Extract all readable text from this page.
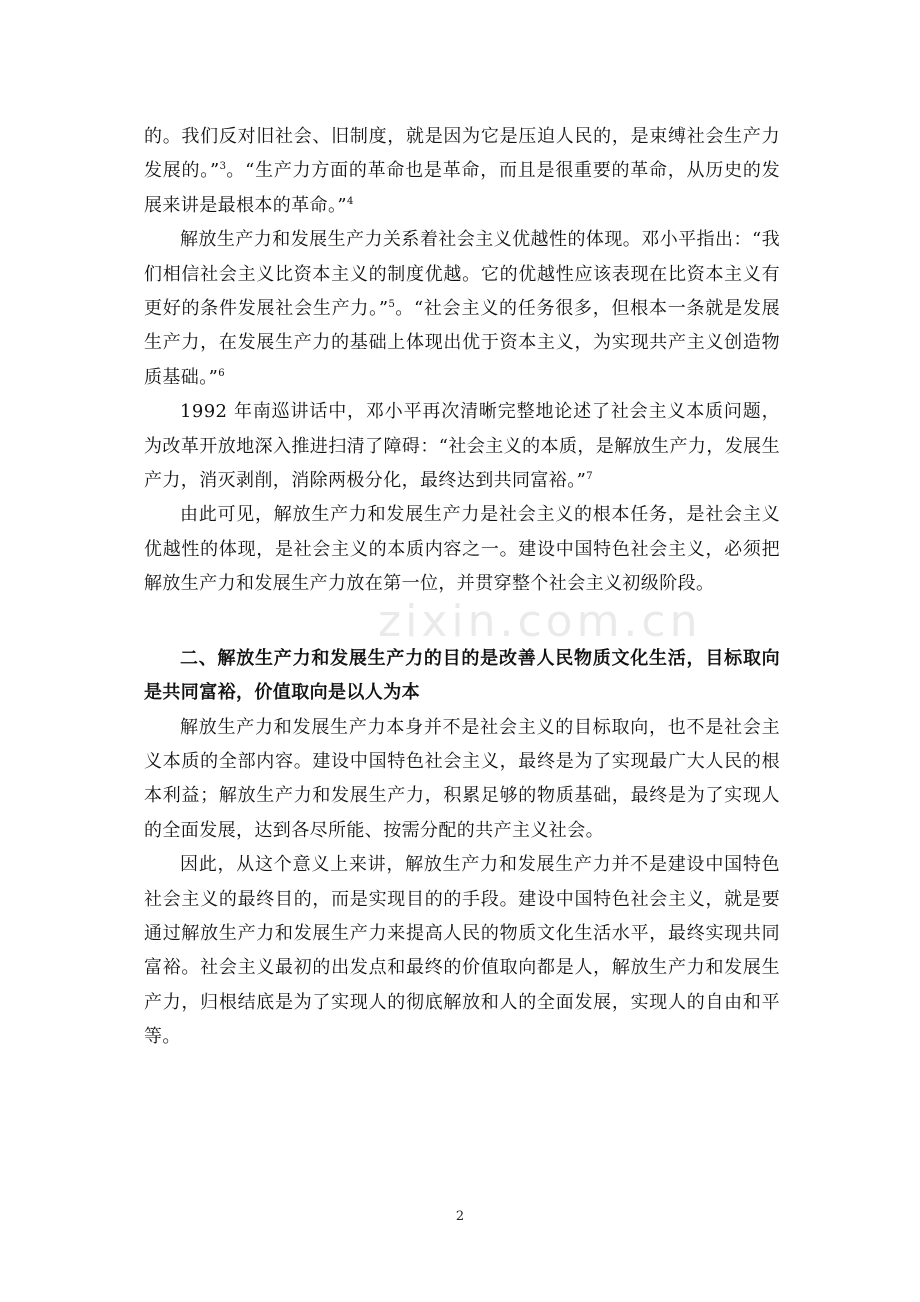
的。我们反对旧社会、旧制度，就是因为它是压迫人民的，是束缚社会生产力发展的。”$^3$。“生产力方面的革命也是革命，而且是很重要的革命，从历史的发展来讲是最根本的革命。”$^4$

解放生产力和发展生产力关系着社会主义优越性的体现。邓小平指出：“我们相信社会主义比资本主义的制度优越。它的优越性应该表现在比资本主义有更好的条件发展社会生产力。”$^5$。“社会主义的任务很多，但根本一条就是发展生产力，在发展生产力的基础上体现出优于资本主义，为实现共产主义创造物质基础。”$^6$

1992 年南巡讲话中，邓小平再次清晰完整地论述了社会主义本质问题，为改革开放地深入推进扫清了障碍：“社会主义的本质，是解放生产力，发展生产力，消灭剥削，消除两极分化，最终达到共同富裕。”$^7$

由此可见，解放生产力和发展生产力是社会主义的根本任务，是社会主义优越性的体现，是社会主义的本质内容之一。建设中国特色社会主义，必须把解放生产力和发展生产力放在第一位，并贯穿整个社会主义初级阶段。

二、解放生产力和发展生产力的目的是改善人民物质文化生活，目标取向是共同富裕，价值取向是以人为本

解放生产力和发展生产力本身并不是社会主义的目标取向，也不是社会主义本质的全部内容。建设中国特色社会主义，最终是为了实现最广大人民的根本利益；解放生产力和发展生产力，积累足够的物质基础，最终是为了实现人的全面发展，达到各尽所能、按需分配的共产主义社会。

因此，从这个意义上来讲，解放生产力和发展生产力并不是建设中国特色社会主义的最终目的，而是实现目的的手段。建设中国特色社会主义，就是要通过解放生产力和发展生产力来提高人民的物质文化生活水平，最终实现共同富裕。社会主义最初的出发点和最终的价值取向都是人，解放生产力和发展生产力，归根结底是为了实现人的彻底解放和人的全面发展，实现人的自由和平等。

zixin.com.cn
2
